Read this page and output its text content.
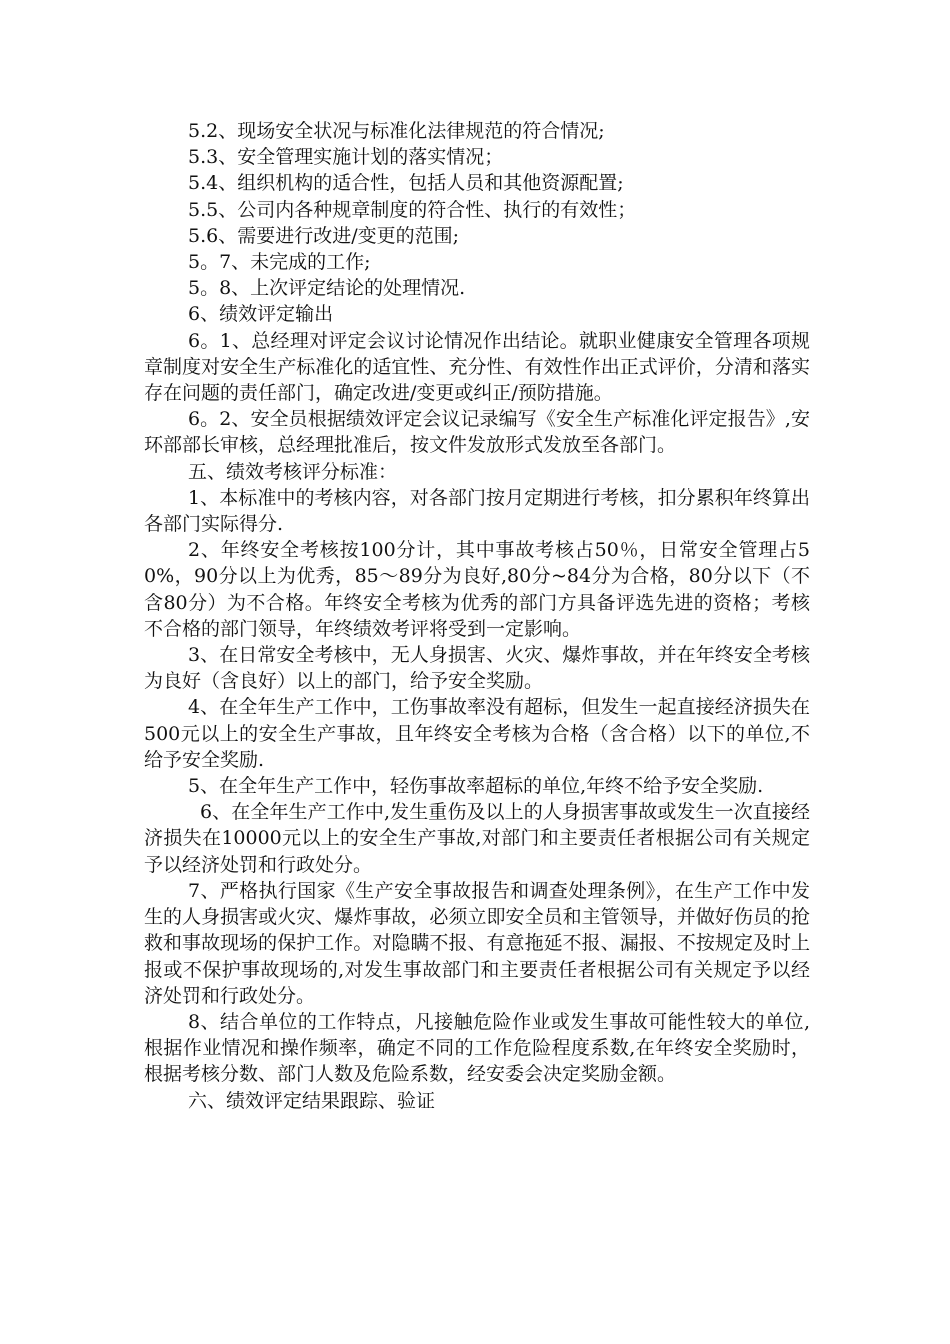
5.2、现场安全状况与标准化法律规范的符合情况;

5.3、安全管理实施计划的落实情况；

5.4、组织机构的适合性，包括人员和其他资源配置;

5.5、公司内各种规章制度的符合性、执行的有效性；

5.6、需要进行改进/变更的范围;

5。7、未完成的工作;

5。8、上次评定结论的处理情况.

6、绩效评定输出

6。1、总经理对评定会议讨论情况作出结论。就职业健康安全管理各项规章制度对安全生产标准化的适宜性、充分性、有效性作出正式评价，分清和落实存在问题的责任部门，确定改进/变更或纠正/预防措施。

6。2、安全员根据绩效评定会议记录编写《安全生产标准化评定报告》,安环部部长审核，总经理批准后，按文件发放形式发放至各部门。

五、绩效考核评分标准：

1、本标准中的考核内容，对各部门按月定期进行考核，扣分累积年终算出各部门实际得分.

2、年终安全考核按100分计，其中事故考核占50％，日常安全管理占50%，90分以上为优秀，85～89分为良好,80分~84分为合格，80分以下（不含80分）为不合格。年终安全考核为优秀的部门方具备评选先进的资格；考核不合格的部门领导，年终绩效考评将受到一定影响。

3、在日常安全考核中，无人身损害、火灾、爆炸事故，并在年终安全考核为良好（含良好）以上的部门，给予安全奖励。

4、在全年生产工作中，工伤事故率没有超标，但发生一起直接经济损失在500元以上的安全生产事故，且年终安全考核为合格（含合格）以下的单位,不给予安全奖励.

5、在全年生产工作中，轻伤事故率超标的单位,年终不给予安全奖励.

6、在全年生产工作中,发生重伤及以上的人身损害事故或发生一次直接经济损失在10000元以上的安全生产事故,对部门和主要责任者根据公司有关规定予以经济处罚和行政处分。

7、严格执行国家《生产安全事故报告和调查处理条例》，在生产工作中发生的人身损害或火灾、爆炸事故，必须立即安全员和主管领导，并做好伤员的抢救和事故现场的保护工作。对隐瞒不报、有意拖延不报、漏报、不按规定及时上报或不保护事故现场的,对发生事故部门和主要责任者根据公司有关规定予以经济处罚和行政处分。

8、结合单位的工作特点，凡接触危险作业或发生事故可能性较大的单位,根据作业情况和操作频率，确定不同的工作危险程度系数,在年终安全奖励时，根据考核分数、部门人数及危险系数，经安委会决定奖励金额。

六、绩效评定结果跟踪、验证
